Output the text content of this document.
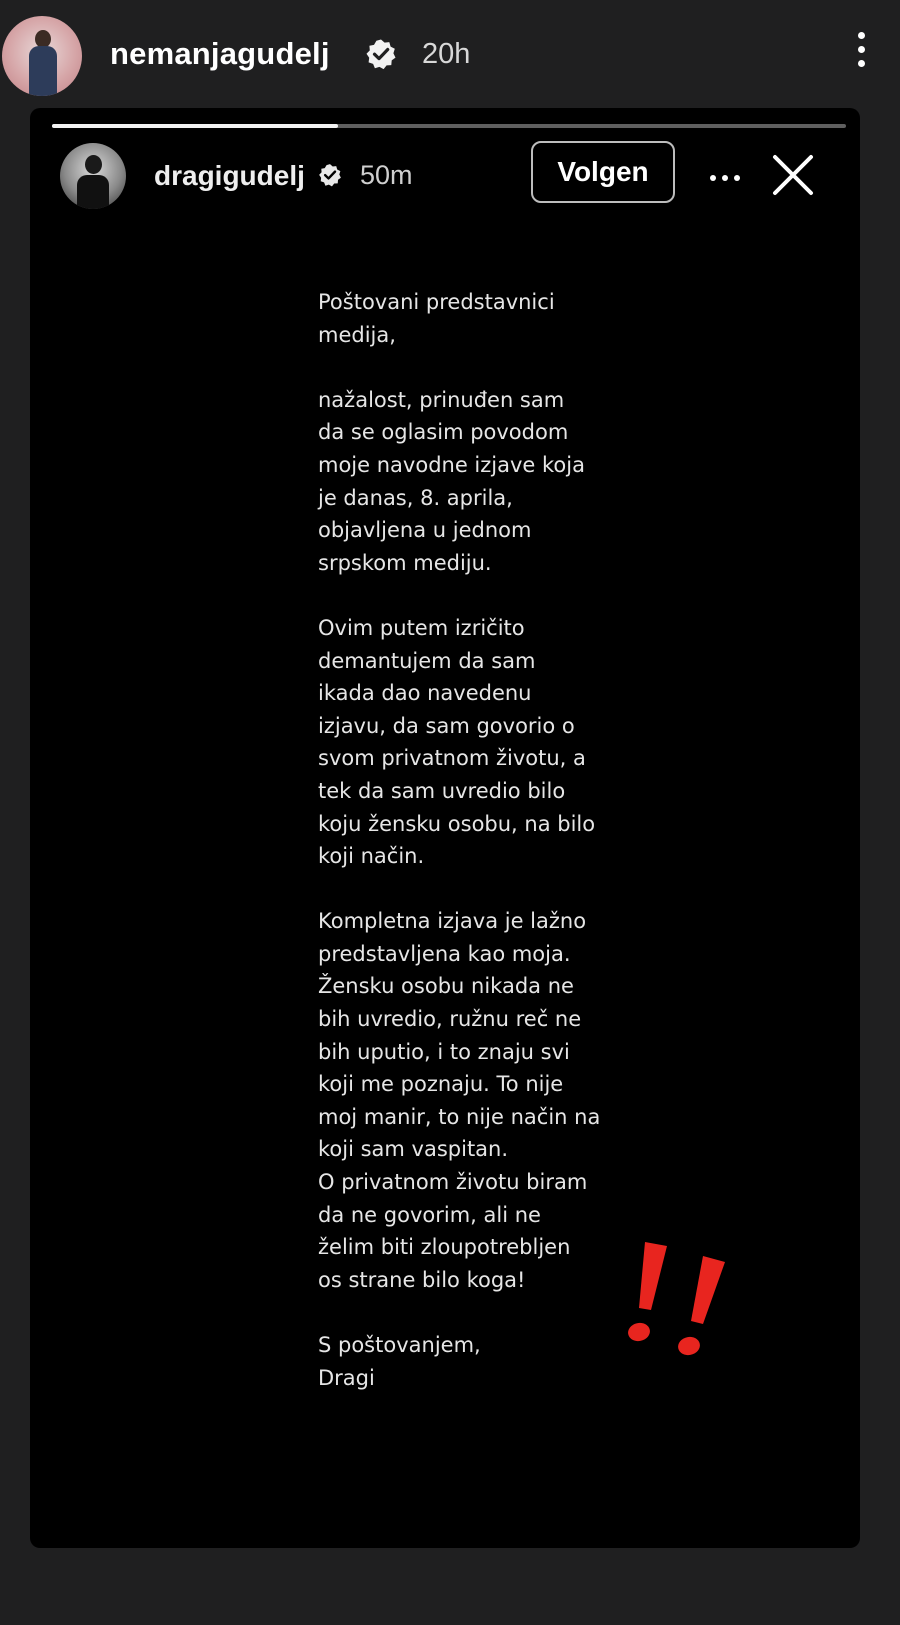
nemanjagudelj	20h
dragigudelj 50m	Volgen

Poštovani predstavnici
medija,

nažalost, prinuđen sam
da se oglasim povodom
moje navodne izjave koja
je danas, 8. aprila,
objavljena u jednom
srpskom mediju.

Ovim putem izričito
demantujem da sam
ikada dao navedenu
izjavu, da sam govorio o
svom privatnom životu, a
tek da sam uvredio bilo
koju žensku osobu, na bilo
koji način.

Kompletna izjava je lažno
predstavljena kao moja.
Žensku osobu nikada ne
bih uvredio, ružnu reč ne
bih uputio, i to znaju svi
koji me poznaju. To nije
moj manir, to nije način na
koji sam vaspitan.
O privatnom životu biram
da ne govorim, ali ne
želim biti zloupotrebljen
os strane bilo koga!

S poštovanjem,
Dragi
